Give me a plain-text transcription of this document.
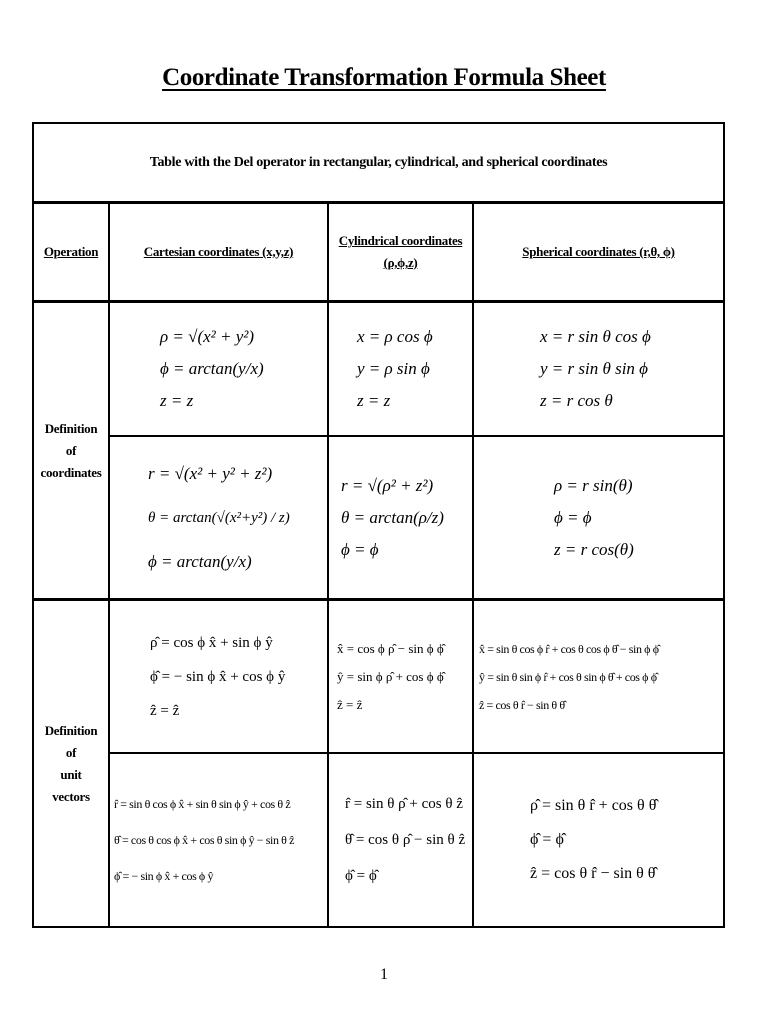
Coordinate Transformation Formula Sheet
Table with the Del operator in rectangular, cylindrical, and spherical coordinates
Operation	Cartesian coordinates (x,y,z)
Cylindrical coordinates
(ρ,ϕ,z)
Spherical coordinates (r,θ, ϕ)
Definition
of
coordinates
ρ = √(x² + y²)
ϕ = arctan(y/x)
z = z
x = ρ cos ϕ
y = ρ sin ϕ
z = z
x = r sin θ cos ϕ
y = r sin θ sin ϕ
z = r cos θ
r = √(x² + y² + z²)
θ = arctan(√(x²+y²) / z)
ϕ = arctan(y/x)
r = √(ρ² + z²)
θ = arctan(ρ/z)
ϕ = ϕ
ρ = r sin(θ)
ϕ = ϕ
z = r cos(θ)
Definition
of
unit
vectors
ρ̂ = cos ϕ x̂ + sin ϕ ŷ
ϕ̂ = − sin ϕ x̂ + cos ϕ ŷ
ẑ = ẑ
x̂ = cos ϕ ρ̂ − sin ϕ ϕ̂
ŷ = sin ϕ ρ̂ + cos ϕ ϕ̂
ẑ = ẑ
x̂ = sin θ cos ϕ r̂ + cos θ cos ϕ θ̂ − sin ϕ ϕ̂
ŷ = sin θ sin ϕ r̂ + cos θ sin ϕ θ̂ + cos ϕ ϕ̂
ẑ = cos θ r̂ − sin θ θ̂
r̂ = sin θ cos ϕ x̂ + sin θ sin ϕ ŷ + cos θ ẑ
θ̂ = cos θ cos ϕ x̂ + cos θ sin ϕ ŷ − sin θ ẑ
ϕ̂ = − sin ϕ x̂ + cos ϕ ŷ
r̂ = sin θ ρ̂ + cos θ ẑ
θ̂ = cos θ ρ̂ − sin θ ẑ
ϕ̂ = ϕ̂
ρ̂ = sin θ r̂ + cos θ θ̂
ϕ̂ = ϕ̂
ẑ = cos θ r̂ − sin θ θ̂
1
